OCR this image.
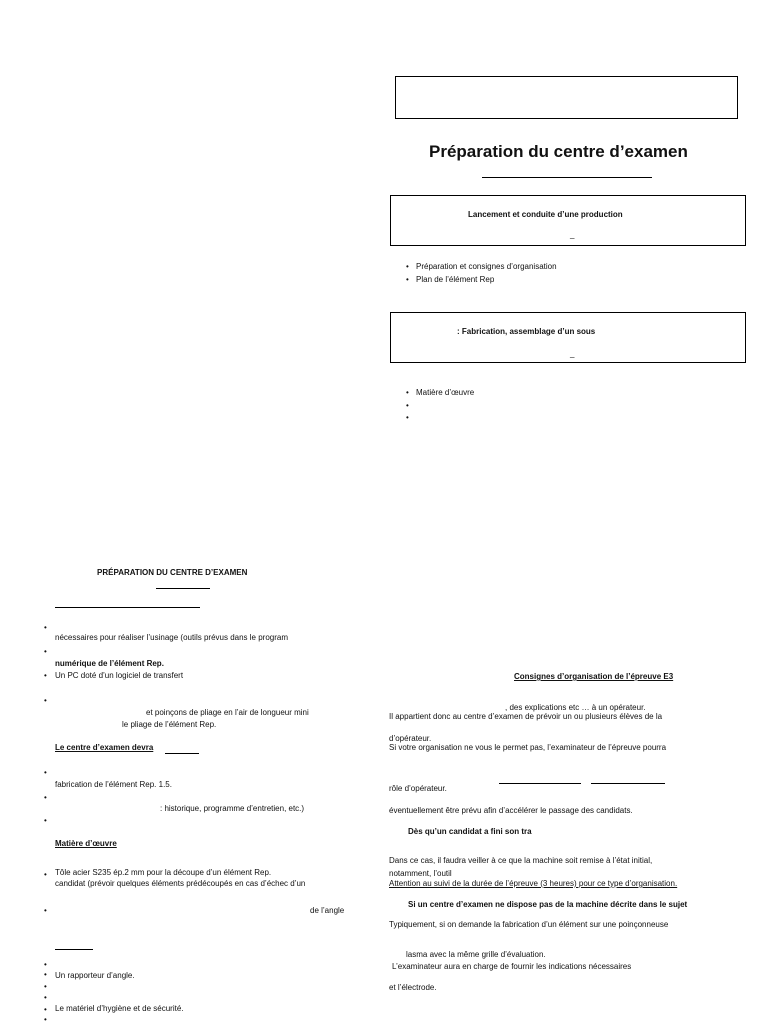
Préparation du centre d’examen
Lancement et conduite d’une production
_
• Préparation et consignes d’organisation
• Plan de l’élément Rep
: Fabrication, assemblage d’un sous
_
• Matière d’œuvre
•
•
Consignes d’organisation de l’épreuve E3
, des explications etc … à un opérateur.
Il appartient donc au centre d’examen de prévoir un ou plusieurs élèves de la
d’opérateur.
Si votre organisation ne vous le permet pas, l’examinateur de l’épreuve pourra
rôle d’opérateur.
éventuellement être prévu afin d’accélérer le passage des candidats.
Dès qu’un candidat a fini son tra
Dans ce cas, il faudra veiller à ce que la machine soit remise à l’état initial,
notamment, l’outil
Attention au suivi de la durée de l’épreuve (3 heures) pour ce type d’organisation.
Si un centre d’examen ne dispose pas de la machine décrite dans le sujet
Typiquement, si on demande la fabrication d’un élément sur une poinçonneuse
lasma avec la même grille d’évaluation.
L’examinateur aura en charge de fournir les indications nécessaires
et l’électrode.
PRÉPARATION DU CENTRE D’EXAMEN
•
nécessaires pour réaliser l’usinage (outils prévus dans le program
•
numérique de l’élément Rep.
•
Un PC doté d’un logiciel de transfert
•
et poinçons de pliage en l’air de longueur mini
le pliage de l’élément Rep.
Le centre d’examen devra
•
fabrication de l’élément Rep. 1.5.
•
: historique, programme d’entretien, etc.)
•
Matière d’œuvre
•
Tôle acier S235 ép.2 mm pour la découpe d’un élément Rep.
candidat (prévoir quelques éléments prédécoupés en cas d’échec d’un
•
de l’angle
•
•
Un rapporteur d’angle.
•
•
•
Le matériel d’hygiène et de sécurité.
•
